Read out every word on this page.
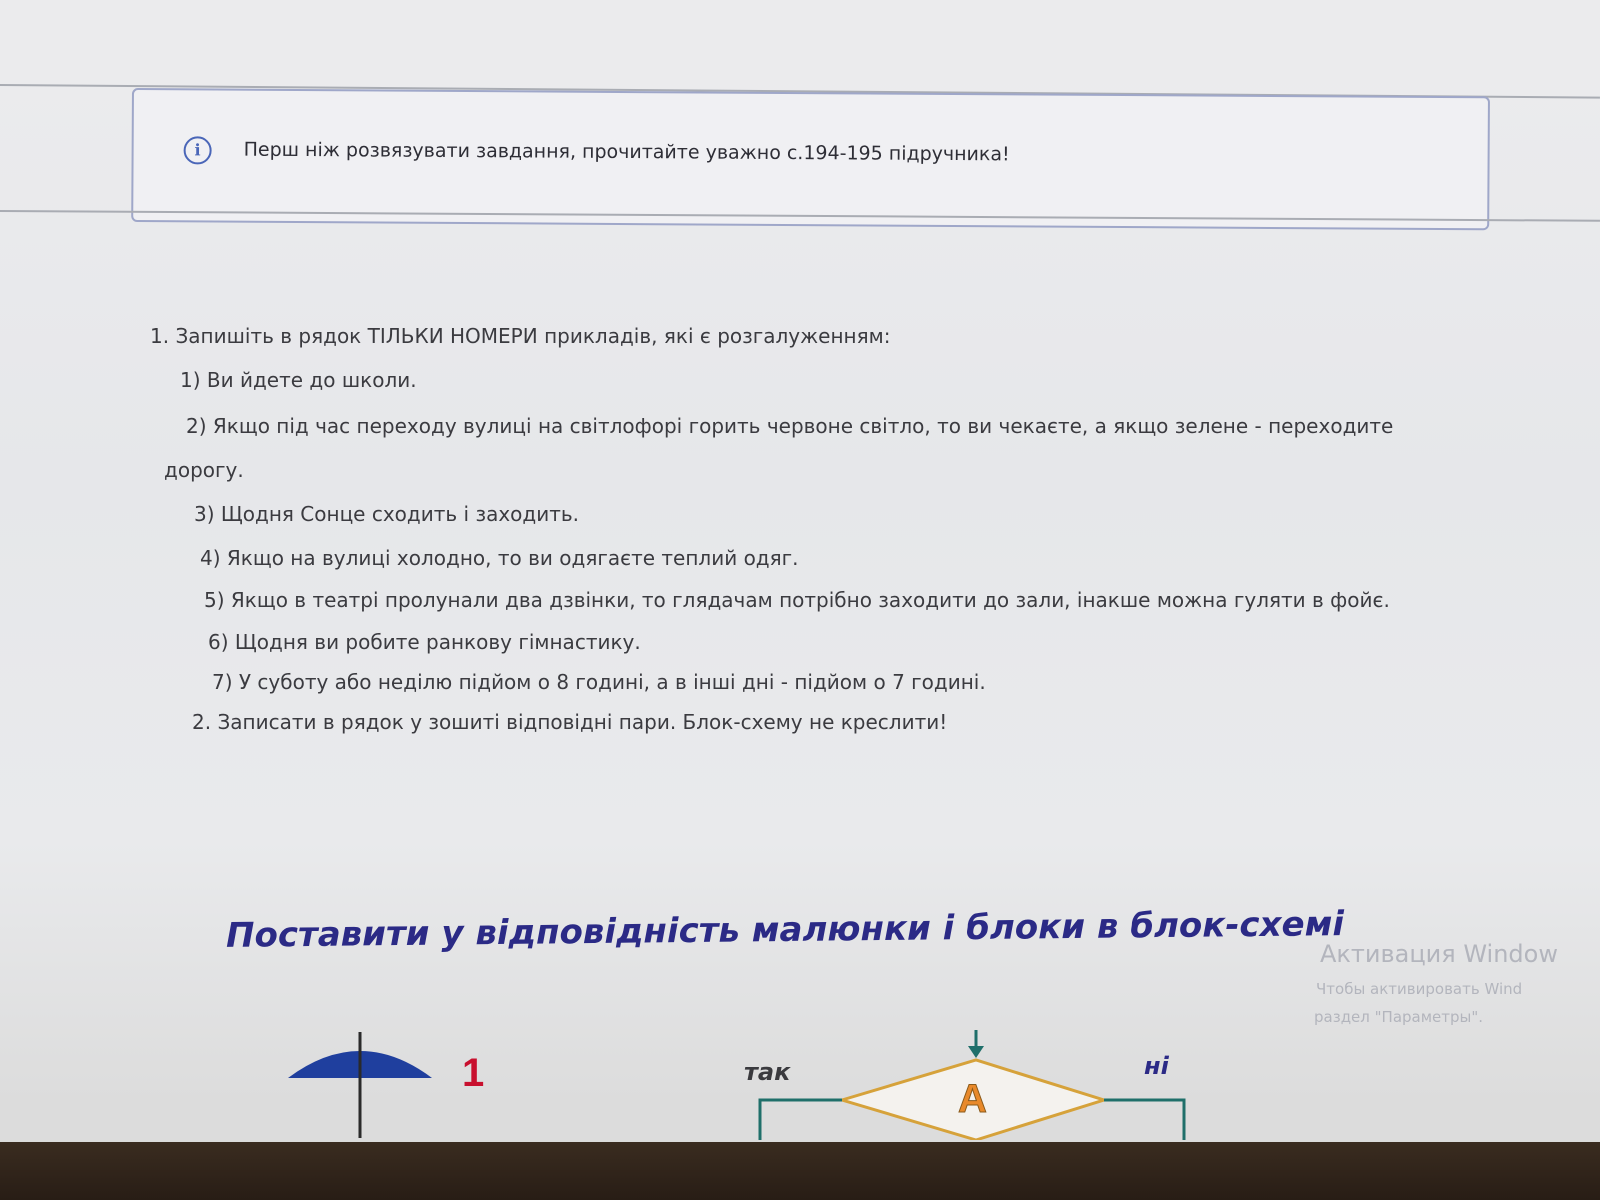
i	Перш ніж розвязувати завдання, прочитайте уважно с.194-195 підручника!
1. Запишіть в рядок ТІЛЬКИ НОМЕРИ прикладів, які є розгалуженням:
1) Ви йдете до школи.
2) Якщо під час переходу вулиці на світлофорі горить червоне світло, то ви чекаєте, а якщо зелене - переходите
дорогу.
3) Щодня Сонце сходить і заходить.
4) Якщо на вулиці холодно, то ви одягаєте теплий одяг.
5) Якщо в театрі пролунали два дзвінки, то глядачам потрібно заходити до зали, інакше можна гуляти в фойє.
6) Щодня ви робите ранкову гімнастику.
7) У суботу або неділю підйом о 8 годині, а в інші дні - підйом о 7 годині.
2. Записати в рядок у зошиті відповідні пари. Блок-схему не креслити!
Поставити у відповідність малюнки і блоки в блок-схемі
Активация Window
Чтобы активировать Wind
раздел "Параметры".
1	так	ні
А
